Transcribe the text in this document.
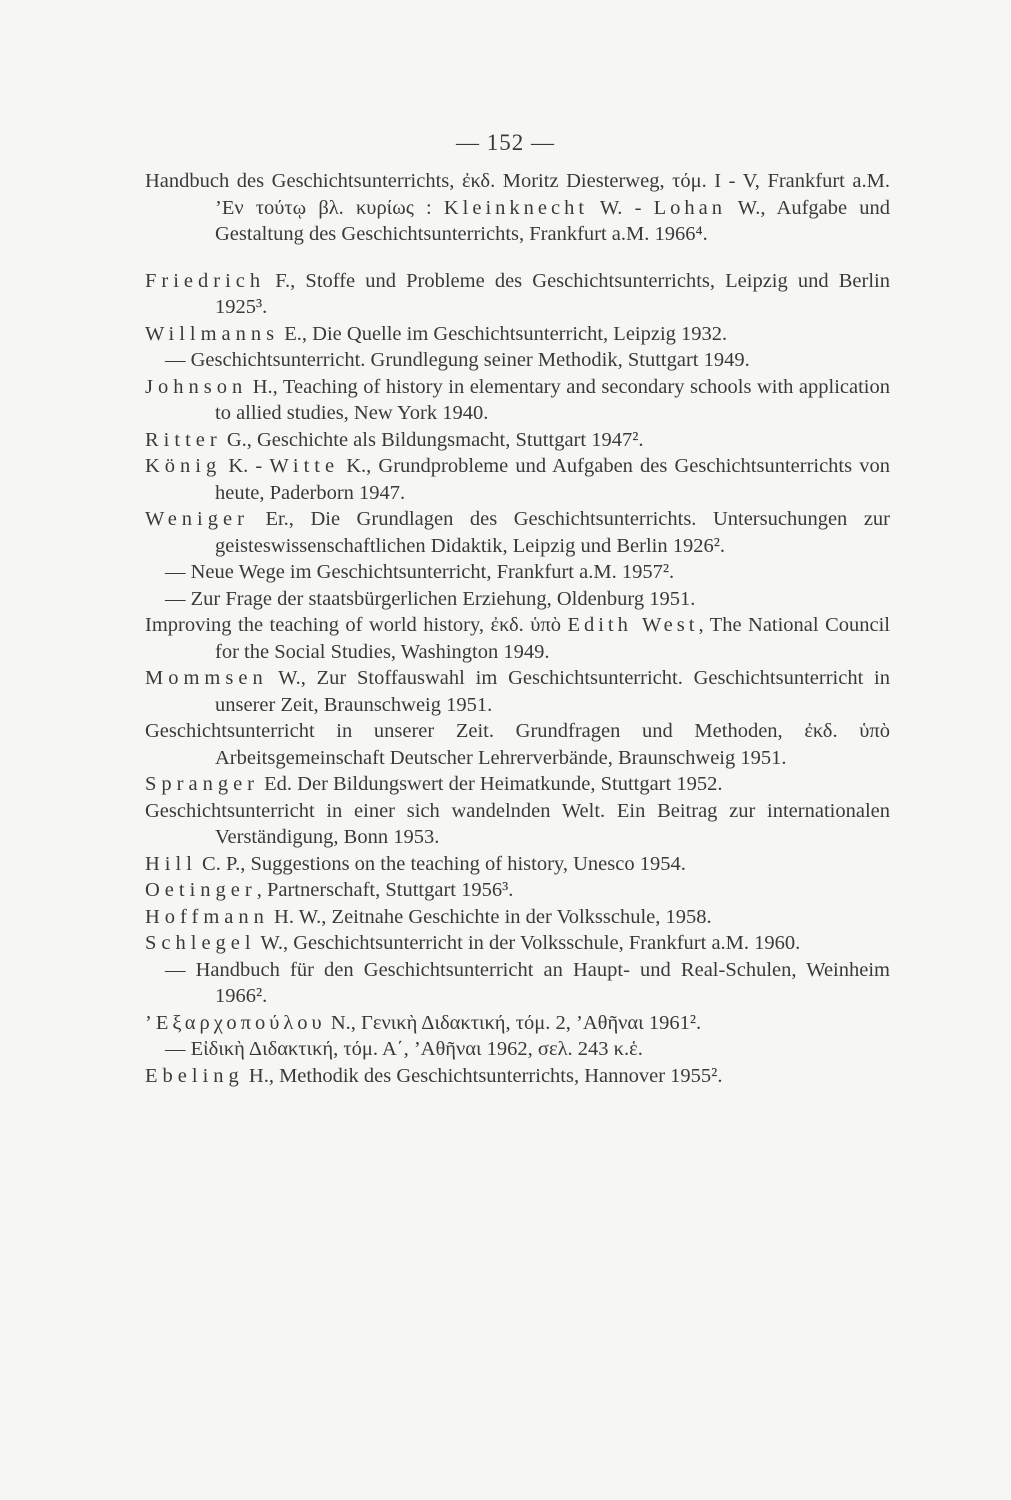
— 152 —
Handbuch des Geschichtsunterrichts, ἐκδ. Moritz Diesterweg, τόμ. I - V, Frankfurt a.M. ’Εν τούτῳ βλ. κυρίως : Kleinknecht W. - Lohan W., Aufgabe und Gestaltung des Geschichtsunterrichts, Frankfurt a.M. 1966⁴.
Friedrich F., Stoffe und Probleme des Geschichtsunterrichts, Leipzig und Berlin 1925³.
Willmanns E., Die Quelle im Geschichtsunterricht, Leipzig 1932.
— Geschichtsunterricht. Grundlegung seiner Methodik, Stuttgart 1949.
Johnson H., Teaching of history in elementary and secondary schools with application to allied studies, New York 1940.
Ritter G., Geschichte als Bildungsmacht, Stuttgart 1947².
König K. - Witte K., Grundprobleme und Aufgaben des Geschichtsunterrichts von heute, Paderborn 1947.
Weniger Er., Die Grundlagen des Geschichtsunterrichts. Untersuchungen zur geisteswissenschaftlichen Didaktik, Leipzig und Berlin 1926².
— Neue Wege im Geschichtsunterricht, Frankfurt a.M. 1957².
— Zur Frage der staatsbürgerlichen Erziehung, Oldenburg 1951.
Improving the teaching of world history, ἐκδ. ὑπὸ Edith West, The National Council for the Social Studies, Washington 1949.
Mommsen W., Zur Stoffauswahl im Geschichtsunterricht. Geschichtsunterricht in unserer Zeit, Braunschweig 1951.
Geschichtsunterricht in unserer Zeit. Grundfragen und Methoden, ἐκδ. ὑπὸ Arbeitsgemeinschaft Deutscher Lehrerverbände, Braunschweig 1951.
Spranger Ed. Der Bildungswert der Heimatkunde, Stuttgart 1952.
Geschichtsunterricht in einer sich wandelnden Welt. Ein Beitrag zur internationalen Verständigung, Bonn 1953.
Hill C. P., Suggestions on the teaching of history, Unesco 1954.
Oetinger, Partnerschaft, Stuttgart 1956³.
Hoffmann H. W., Zeitnahe Geschichte in der Volksschule, 1958.
Schlegel W., Geschichtsunterricht in der Volksschule, Frankfurt a.M. 1960.
— Handbuch für den Geschichtsunterricht an Haupt- und Real-Schulen, Weinheim 1966².
’Εξαρχοπούλου Ν., Γενικὴ Διδακτική, τόμ. 2, ’Αθῆναι 1961².
— Εἰδικὴ Διδακτική, τόμ. Α΄, ’Αθῆναι 1962, σελ. 243 κ.ἑ.
Ebeling H., Methodik des Geschichtsunterrichts, Hannover 1955².
